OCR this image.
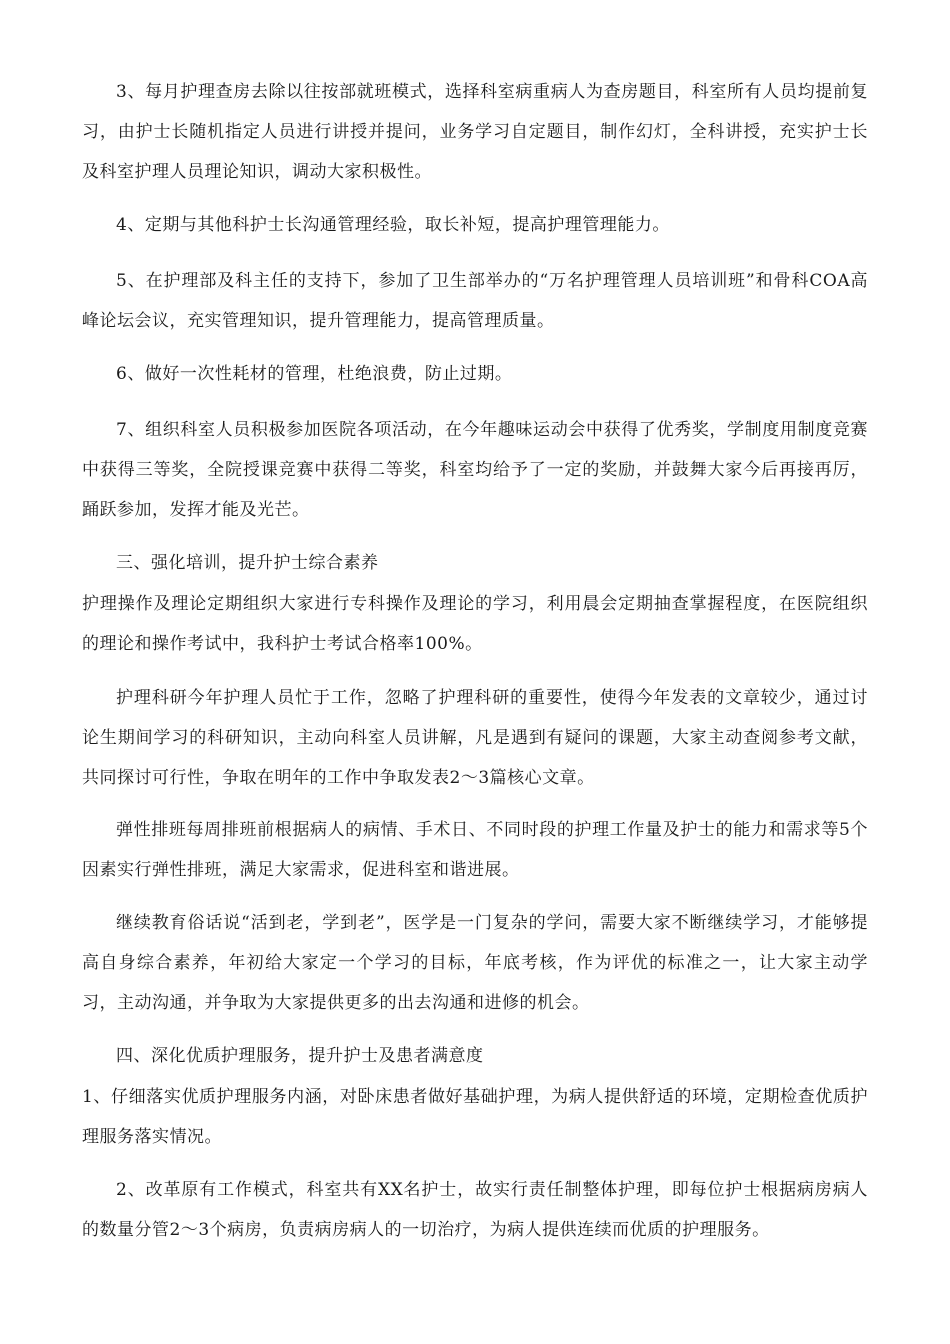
3、每月护理查房去除以往按部就班模式，选择科室病重病人为查房题目，科室所有人员均提前复习，由护士长随机指定人员进行讲授并提问，业务学习自定题目，制作幻灯，全科讲授，充实护士长及科室护理人员理论知识，调动大家积极性。

4、定期与其他科护士长沟通管理经验，取长补短，提高护理管理能力。

5、在护理部及科主任的支持下，参加了卫生部举办的“万名护理管理人员培训班”和骨科COA高峰论坛会议，充实管理知识，提升管理能力，提高管理质量。

6、做好一次性耗材的管理，杜绝浪费，防止过期。

7、组织科室人员积极参加医院各项活动，在今年趣味运动会中获得了优秀奖，学制度用制度竞赛中获得三等奖，全院授课竞赛中获得二等奖，科室均给予了一定的奖励，并鼓舞大家今后再接再厉，踊跃参加，发挥才能及光芒。

三、强化培训，提升护士综合素养

护理操作及理论定期组织大家进行专科操作及理论的学习，利用晨会定期抽查掌握程度，在医院组织的理论和操作考试中，我科护士考试合格率100%。

护理科研今年护理人员忙于工作，忽略了护理科研的重要性，使得今年发表的文章较少，通过讨论生期间学习的科研知识，主动向科室人员讲解，凡是遇到有疑问的课题，大家主动查阅参考文献，共同探讨可行性，争取在明年的工作中争取发表2～3篇核心文章。

弹性排班每周排班前根据病人的病情、手术日、不同时段的护理工作量及护士的能力和需求等5个因素实行弹性排班，满足大家需求，促进科室和谐进展。

继续教育俗话说“活到老，学到老”，医学是一门复杂的学问，需要大家不断继续学习，才能够提高自身综合素养，年初给大家定一个学习的目标，年底考核，作为评优的标准之一，让大家主动学习，主动沟通，并争取为大家提供更多的出去沟通和进修的机会。

四、深化优质护理服务，提升护士及患者满意度

1、仔细落实优质护理服务内涵，对卧床患者做好基础护理，为病人提供舒适的环境，定期检查优质护理服务落实情况。

2、改革原有工作模式，科室共有XX名护士，故实行责任制整体护理，即每位护士根据病房病人的数量分管2～3个病房，负责病房病人的一切治疗，为病人提供连续而优质的护理服务。
